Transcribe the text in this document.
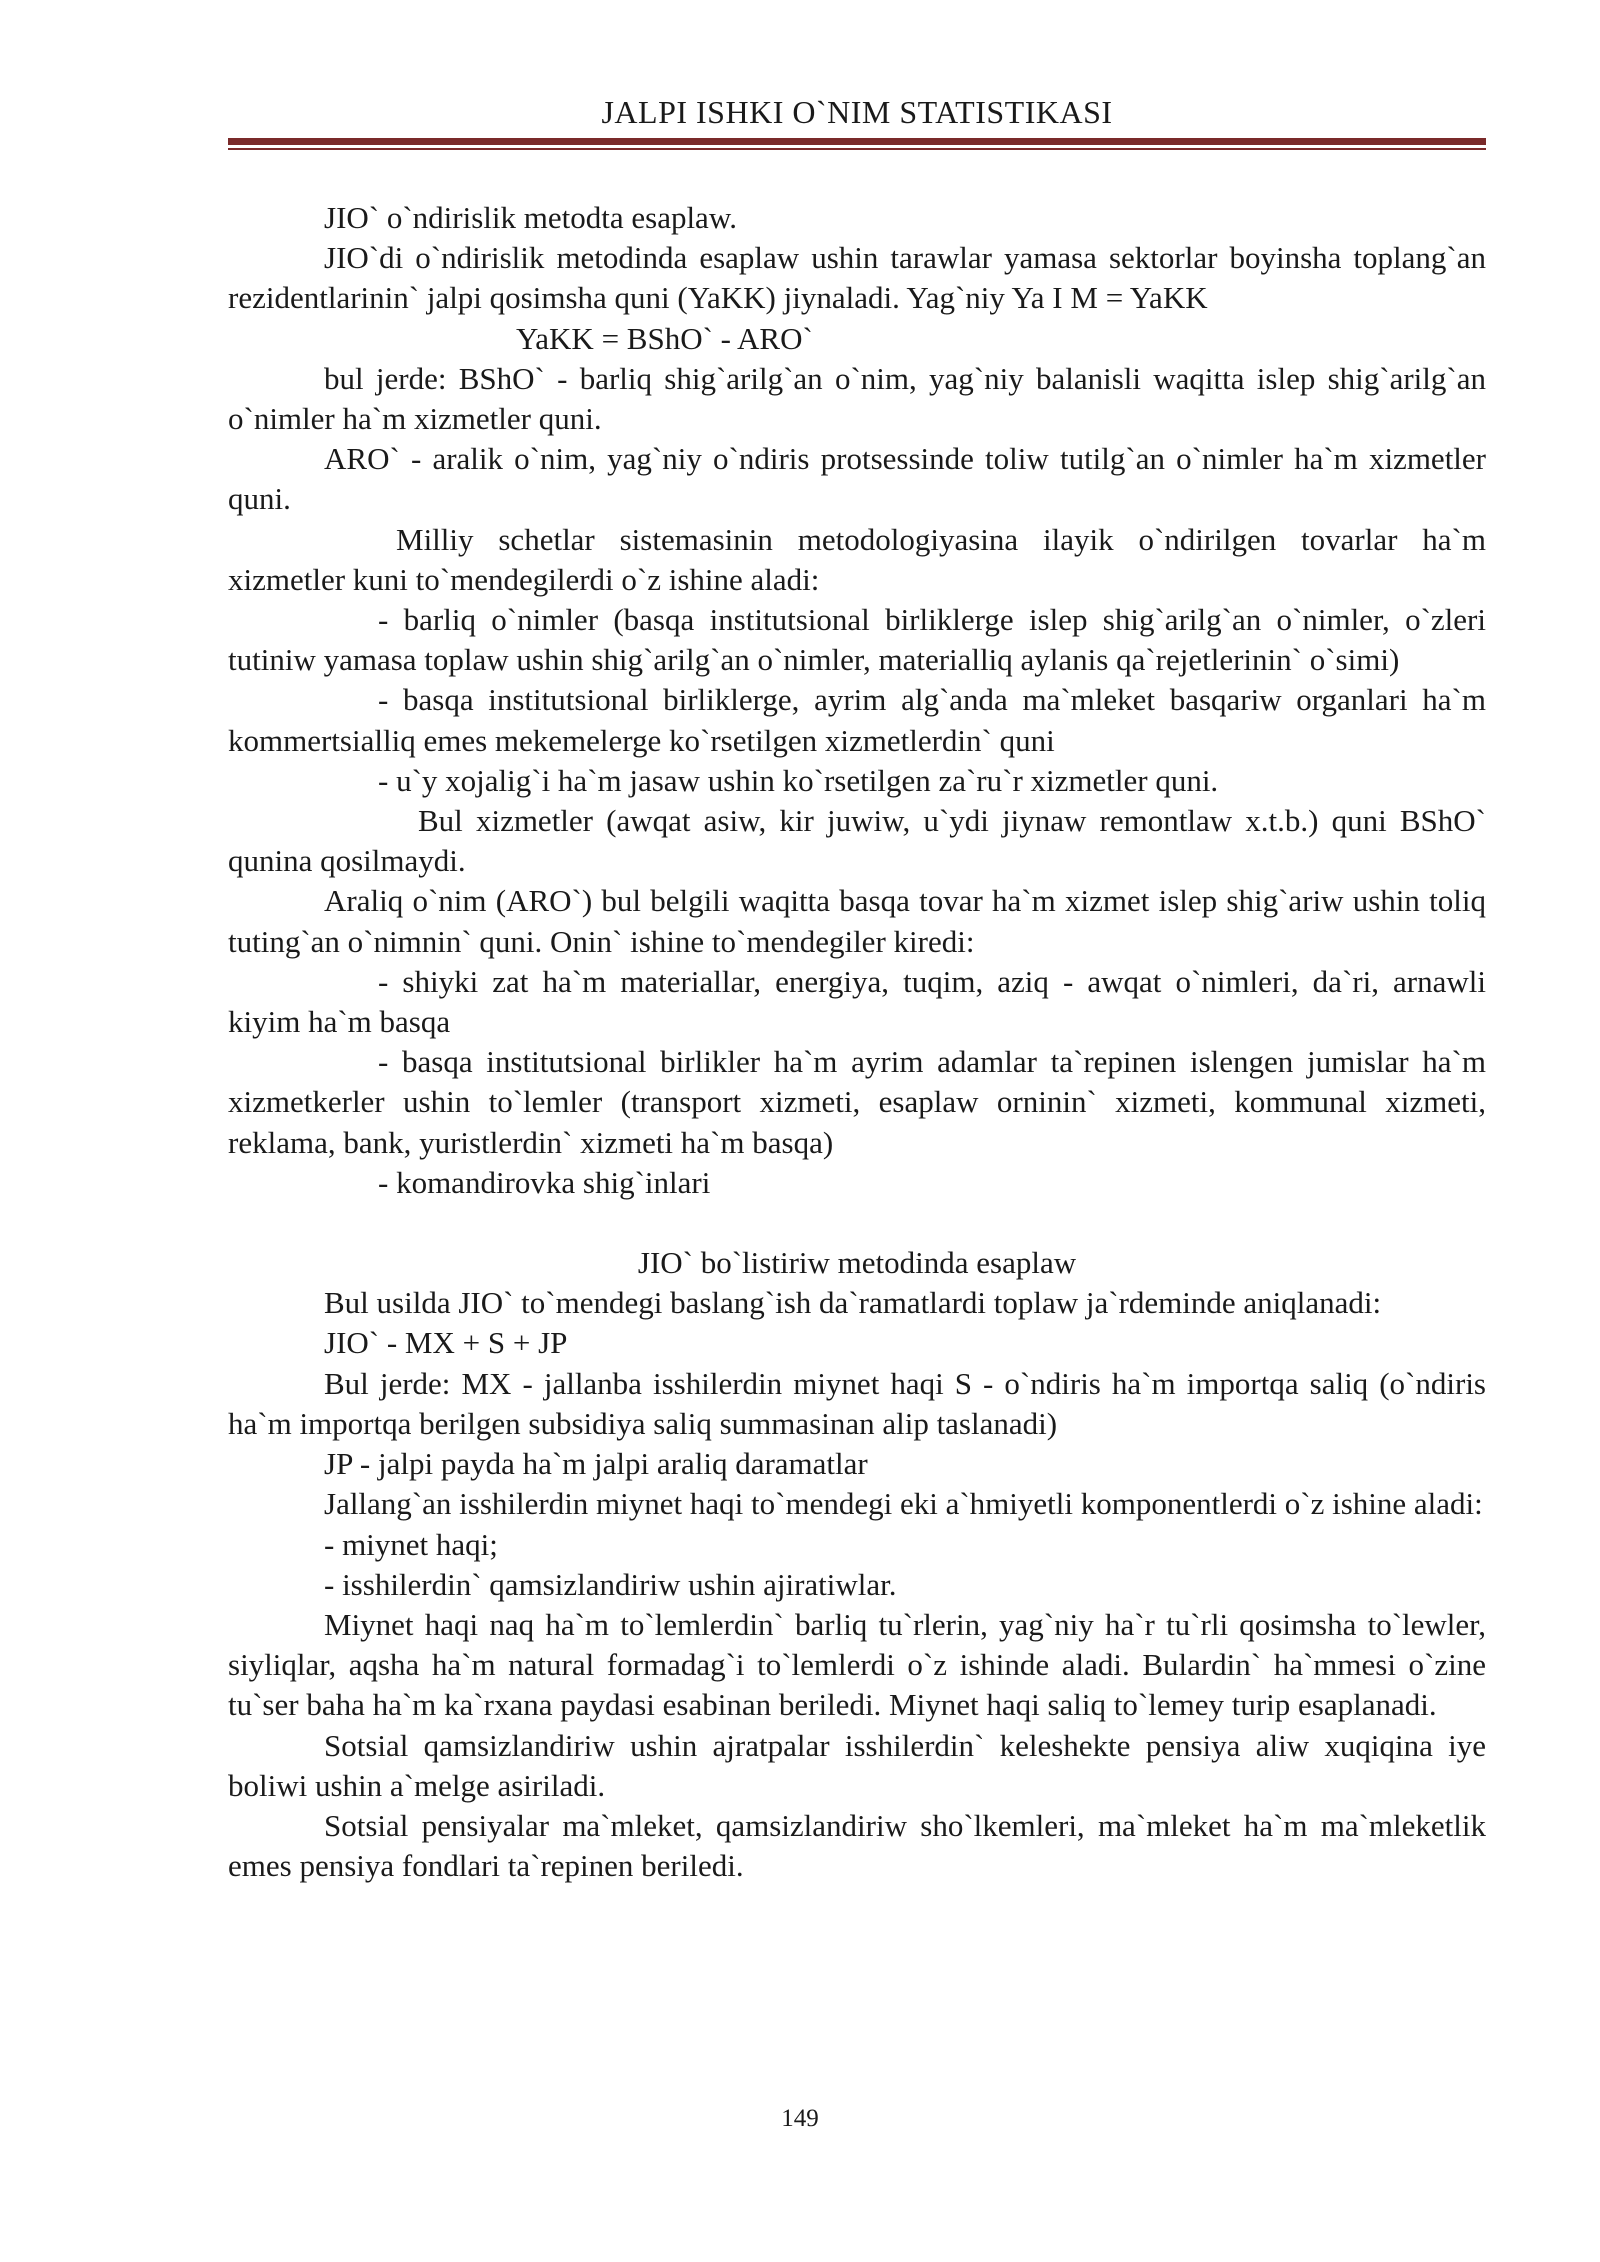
JALPI ISHKI O`NIM STATISTIKASI

JIO` o`ndirislik metodta esaplaw.

JIO`di o`ndirislik metodinda esaplaw ushin tarawlar yamasa sektorlar boyinsha toplang`an rezidentlarinin` jalpi qosimsha quni (YaKK) jiynaladi. Yag`niy Ya I M = YaKK

YaKK = BShO` - ARO`

bul jerde: BShO` - barliq shig`arilg`an o`nim, yag`niy balanisli waqitta islep shig`arilg`an o`nimler ha`m xizmetler quni.

ARO` - aralik o`nim, yag`niy o`ndiris protsessinde toliw tutilg`an o`nimler ha`m xizmetler quni.

Milliy schetlar sistemasinin metodologiyasina ilayik o`ndirilgen tovarlar ha`m xizmetler kuni to`mendegilerdi o`z ishine aladi:

- barliq o`nimler (basqa institutsional birliklerge islep shig`arilg`an o`nimler, o`zleri tutiniw yamasa toplaw ushin shig`arilg`an o`nimler, materialliq aylanis qa`rejetlerinin` o`simi)

- basqa institutsional birliklerge, ayrim alg`anda ma`mleket basqariw organlari ha`m kommertsialliq emes mekemelerge ko`rsetilgen xizmetlerdin` quni

- u`y xojalig`i ha`m jasaw ushin ko`rsetilgen za`ru`r xizmetler quni.

Bul xizmetler (awqat asiw, kir juwiw, u`ydi jiynaw remontlaw x.t.b.) quni BShO` qunina qosilmaydi.

Araliq o`nim (ARO`) bul belgili waqitta basqa tovar ha`m xizmet islep shig`ariw ushin toliq tuting`an o`nimnin` quni. Onin` ishine to`mendegiler kiredi:

- shiyki zat ha`m materiallar, energiya, tuqim, aziq - awqat o`nimleri, da`ri, arnawli kiyim ha`m basqa

- basqa institutsional birlikler ha`m ayrim adamlar ta`repinen islengen jumislar ha`m xizmetkerler ushin to`lemler (transport xizmeti, esaplaw orninin` xizmeti, kommunal xizmeti, reklama, bank, yuristlerdin` xizmeti ha`m basqa)

- komandirovka shig`inlari

JIO` bo`listiriw metodinda esaplaw

Bul usilda JIO` to`mendegi baslang`ish da`ramatlardi toplaw ja`rdeminde aniqlanadi:

JIO` - MX + S + JP

Bul jerde: MX - jallanba isshilerdin miynet haqi S - o`ndiris ha`m importqa saliq (o`ndiris ha`m importqa berilgen subsidiya saliq summasinan alip taslanadi)

JP - jalpi payda ha`m jalpi araliq daramatlar

Jallang`an isshilerdin miynet haqi to`mendegi eki a`hmiyetli komponentlerdi o`z ishine aladi:

- miynet haqi;

- isshilerdin` qamsizlandiriw ushin ajiratiwlar.

Miynet haqi naq ha`m to`lemlerdin` barliq tu`rlerin, yag`niy ha`r tu`rli qosimsha to`lewler, siyliqlar, aqsha ha`m natural formadag`i to`lemlerdi o`z ishinde aladi. Bulardin` ha`mmesi o`zine tu`ser baha ha`m ka`rxana paydasi esabinan beriledi. Miynet haqi saliq to`lemey turip esaplanadi.

Sotsial qamsizlandiriw ushin ajratpalar isshilerdin` keleshekte pensiya aliw xuqiqina iye boliwi ushin a`melge asiriladi.

Sotsial pensiyalar ma`mleket, qamsizlandiriw sho`lkemleri, ma`mleket ha`m ma`mleketlik emes pensiya fondlari ta`repinen beriledi.

149
